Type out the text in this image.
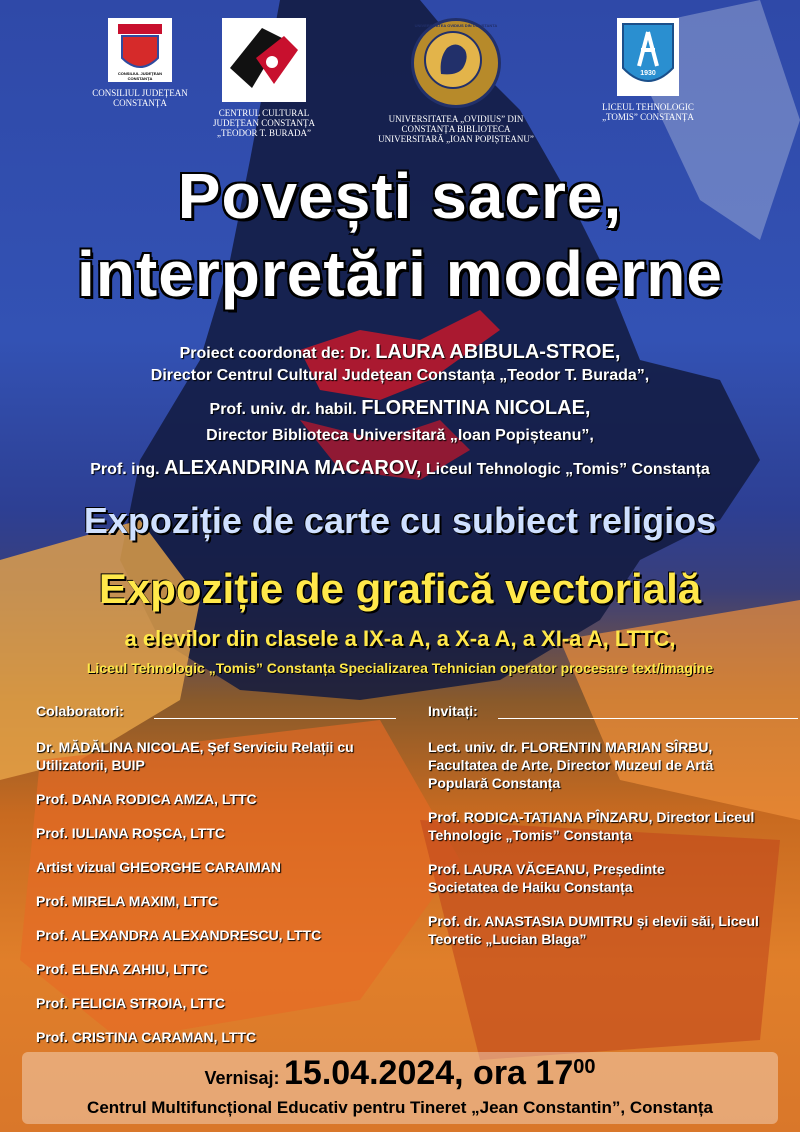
CONSILIUL JUDEȚEAN CONSTANȚA
CONSILIUL JUDEȚEAN CONSTANȚA
CENTRUL CULTURAL JUDEȚEAN CONSTANȚA „TEODOR T. BURADA”
UNIVERSITATEA OVIDIUS DIN CONSTANTA
UNIVERSITATEA „OVIDIUS” DIN CONSTANȚA BIBLIOTECA UNIVERSITARĂ „IOAN POPIȘTEANU”
1930
LICEUL TEHNOLOGIC „TOMIS” CONSTANȚA
Povești sacre,
interpretări moderne
Proiect coordonat de: Dr. LAURA ABIBULA-STROE,
Director Centrul Cultural Județean Constanța „Teodor T. Burada”,
Prof. univ. dr. habil. FLORENTINA NICOLAE,
Director Biblioteca Universitară „Ioan Popișteanu”,
Prof. ing. ALEXANDRINA MACAROV, Liceul Tehnologic „Tomis” Constanța
Expoziție de carte cu subiect religios
Expoziție de grafică vectorială
a elevilor din clasele a IX-a A, a X-a A, a XI-a A, LTTC,
Liceul Tehnologic „Tomis” Constanța Specializarea Tehnician operator procesare text/imagine
Colaboratori:
Dr. MĂDĂLINA NICOLAE, Șef Serviciu Relații cu Utilizatorii, BUIP
Prof. DANA RODICA AMZA, LTTC
Prof. IULIANA ROȘCA, LTTC
Artist vizual GHEORGHE CARAIMAN
Prof. MIRELA MAXIM, LTTC
Prof. ALEXANDRA ALEXANDRESCU, LTTC
Prof. ELENA ZAHIU, LTTC
Prof. FELICIA STROIA, LTTC
Prof. CRISTINA CARAMAN, LTTC
Invitați:
Lect. univ. dr. FLORENTIN MARIAN SÎRBU, Facultatea de Arte, Director Muzeul de Artă Populară Constanța
Prof. RODICA-TATIANA PÎNZARU, Director Liceul Tehnologic „Tomis” Constanța
Prof. LAURA VĂCEANU, Președinte Societatea de Haiku Constanța
Prof. dr. ANASTASIA DUMITRU și elevii săi, Liceul Teoretic „Lucian Blaga”
Vernisaj: 15.04.2024, ora $17^{00}$
Centrul Multifuncțional Educativ pentru Tineret „Jean Constantin”, Constanța
